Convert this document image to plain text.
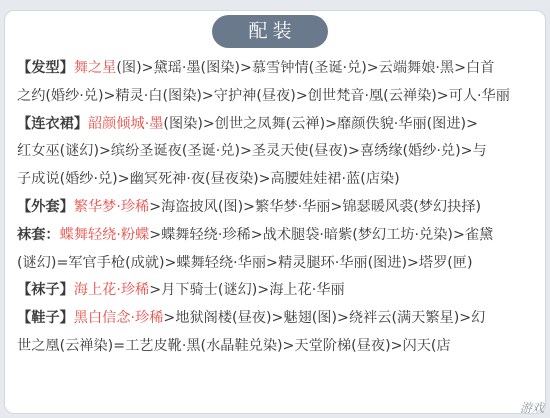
配装
【发型】舞之星(图)>黛瑶·墨(图染)>慕雪钟情(圣诞·兑)>云端舞娘·黑>白首
之约(婚纱·兑)>精灵·白(图染)>守护神(昼夜)>创世梵音·凰(云禅染)>可人·华丽
【连衣裙】韶颜倾城·墨(图染)>创世之凤舞(云禅)>靡颜佚貌·华丽(图进)>
红女巫(谜幻)>缤纷圣诞夜(圣诞·兑)>圣灵天使(昼夜)>喜绣缘(婚纱·兑)>与
子成说(婚纱·兑)>幽冥死神·夜(昼夜染)>高腰娃娃裙·蓝(店染)
【外套】繁华梦·珍稀>海盗披风(图)>繁华梦·华丽>锦瑟暖风裘(梦幻抉择)
袜套：蝶舞轻绕·粉蝶>蝶舞轻绕·珍稀>战术腿袋·暗紫(梦幻工坊·兑染)>雀黛
(谜幻)=军官手枪(成就)>蝶舞轻绕·华丽>精灵腿环·华丽(图进)>塔罗(匣)
【袜子】海上花·珍稀>月下骑士(谜幻)>海上花·华丽
【鞋子】黑白信念·珍稀>地狱阁楼(昼夜)>魅翅(图)>绕袢云(满天繁星)>幻
世之凰(云禅染)=工艺皮靴·黑(水晶鞋兑染)>天堂阶梯(昼夜)>闪天(店
游戏
